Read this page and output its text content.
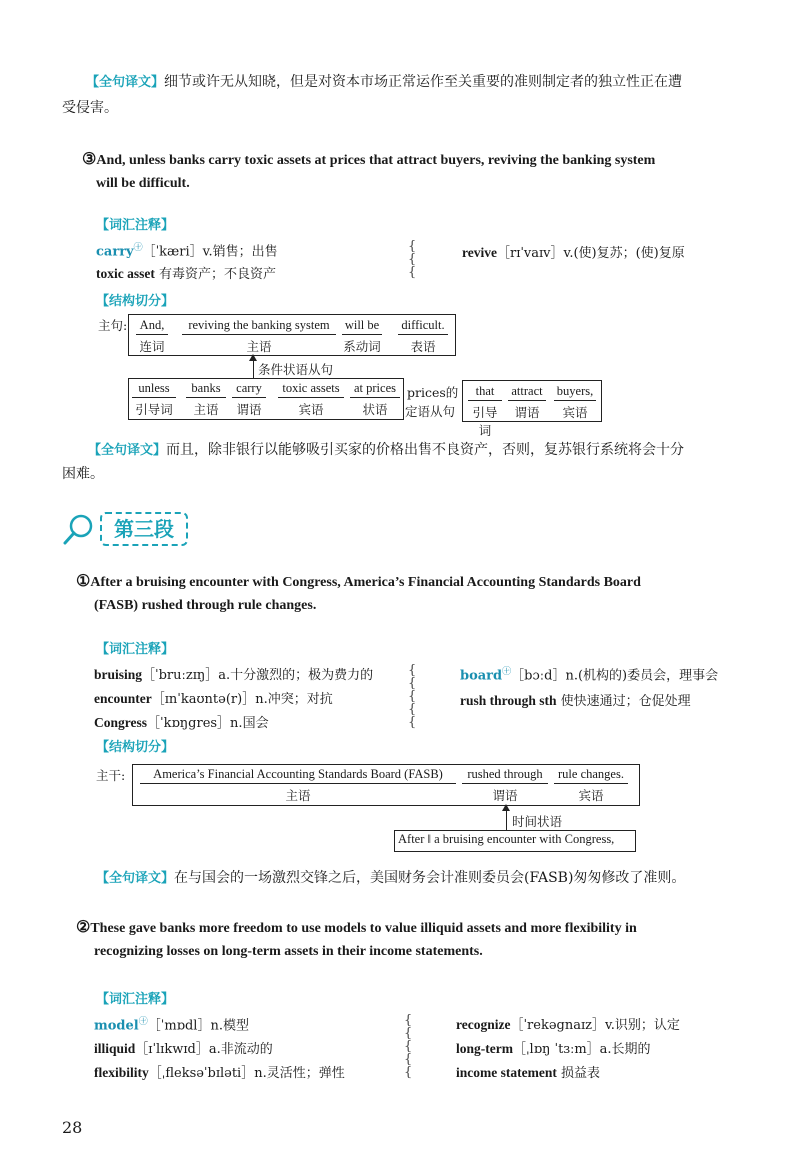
【全句译文】细节或许无从知晓，但是对资本市场正常运作至关重要的准则制定者的独立性正在遭
受侵害。
③And, unless banks carry toxic assets at prices that attract buyers, reviving the banking system
will be difficult.
【词汇注释】
carry$^㊉$［ˈkæri］v.销售；出售
toxic asset 有毒资产；不良资产
{
{
{
revive［rɪˈvaɪv］v.(使)复苏；(使)复原
【结构切分】
主句: And,
连词
reviving the banking system
主语
will be
系动词
difficult.
表语
条件状语从句
unless
引导词
banks
主语
carry
谓语
toxic assets
宾语
at prices
状语
prices的
定语从句
that
引导词
attract
谓语
buyers,
宾语
【全句译文】而且，除非银行以能够吸引买家的价格出售不良资产，否则，复苏银行系统将会十分
困难。
第三段
①After a bruising encounter with Congress, America’s Financial Accounting Standards Board
(FASB) rushed through rule changes.
【词汇注释】
bruising［ˈbruːzɪŋ］a.十分激烈的；极为费力的
encounter［ɪnˈkaʊntə(r)］n.冲突；对抗
Congress［ˈkɒŋgres］n.国会
{
{
{
{
{
board$^㊉$［bɔːd］n.(机构的)委员会，理事会
rush through sth 使快速通过；仓促处理
【结构切分】
主干:	America’s Financial Accounting Standards Board (FASB)
主语
rushed through
谓语
rule changes.
宾语
时间状语
After ‖ a bruising encounter with Congress,
【全句译文】在与国会的一场激烈交锋之后，美国财务会计准则委员会(FASB)匆匆修改了准则。
②These gave banks more freedom to use models to value illiquid assets and more flexibility in
recognizing losses on long-term assets in their income statements.
【词汇注释】
model$^㊉$［ˈmɒdl］n.模型
illiquid［ɪˈlɪkwɪd］a.非流动的
flexibility［ˌfleksəˈbɪləti］n.灵活性；弹性
{
{
{
{
{
recognize［ˈrekəgnaɪz］v.识别；认定
long-term［ˌlɒŋ ˈtɜːm］a.长期的
income statement 损益表
28
